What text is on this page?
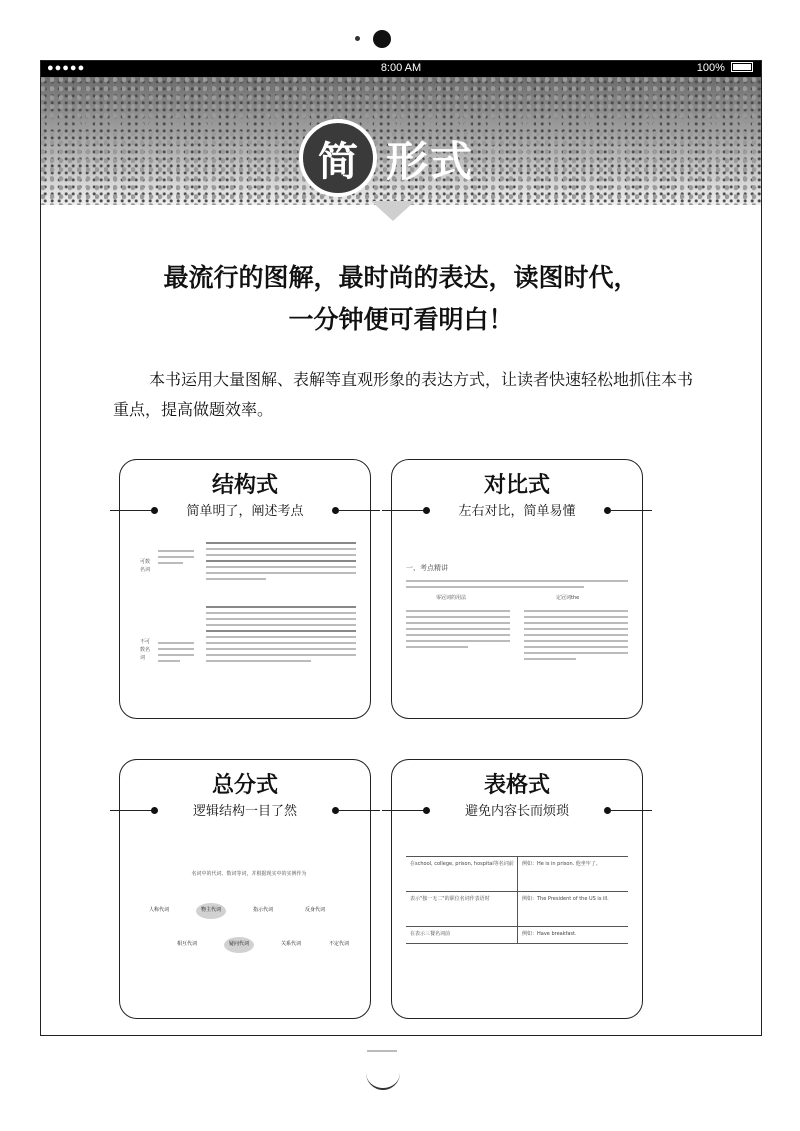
●●●●●	8:00 AM	100%
简 形式
最流行的图解，最时尚的表达，读图时代，
一分钟便可看明白！
本书运用大量图解、表解等直观形象的表达方式，让读者快速轻松地抓住本书重点，提高做题效率。
结构式
简单明了，阐述考点
可数名词
不可数名词
对比式
左右对比，简单易懂
一、考点精讲
零冠词的用法	定冠词the
总分式
逻辑结构一目了然
名词中的代词、数词等词，并根据现实中的实例作为
人称代词	物主代词	指示代词	反身代词
相互代词	疑问代词	关系代词	不定代词
表格式
避免内容长而烦琐
在school, college, prison, hospital等名词前 例如：He is in prison. 他坐牢了。
表示"独一无二"的职位名词作表语时	例如：The President of the US is ill.
在表示三餐名词前	例如：Have breakfast.
